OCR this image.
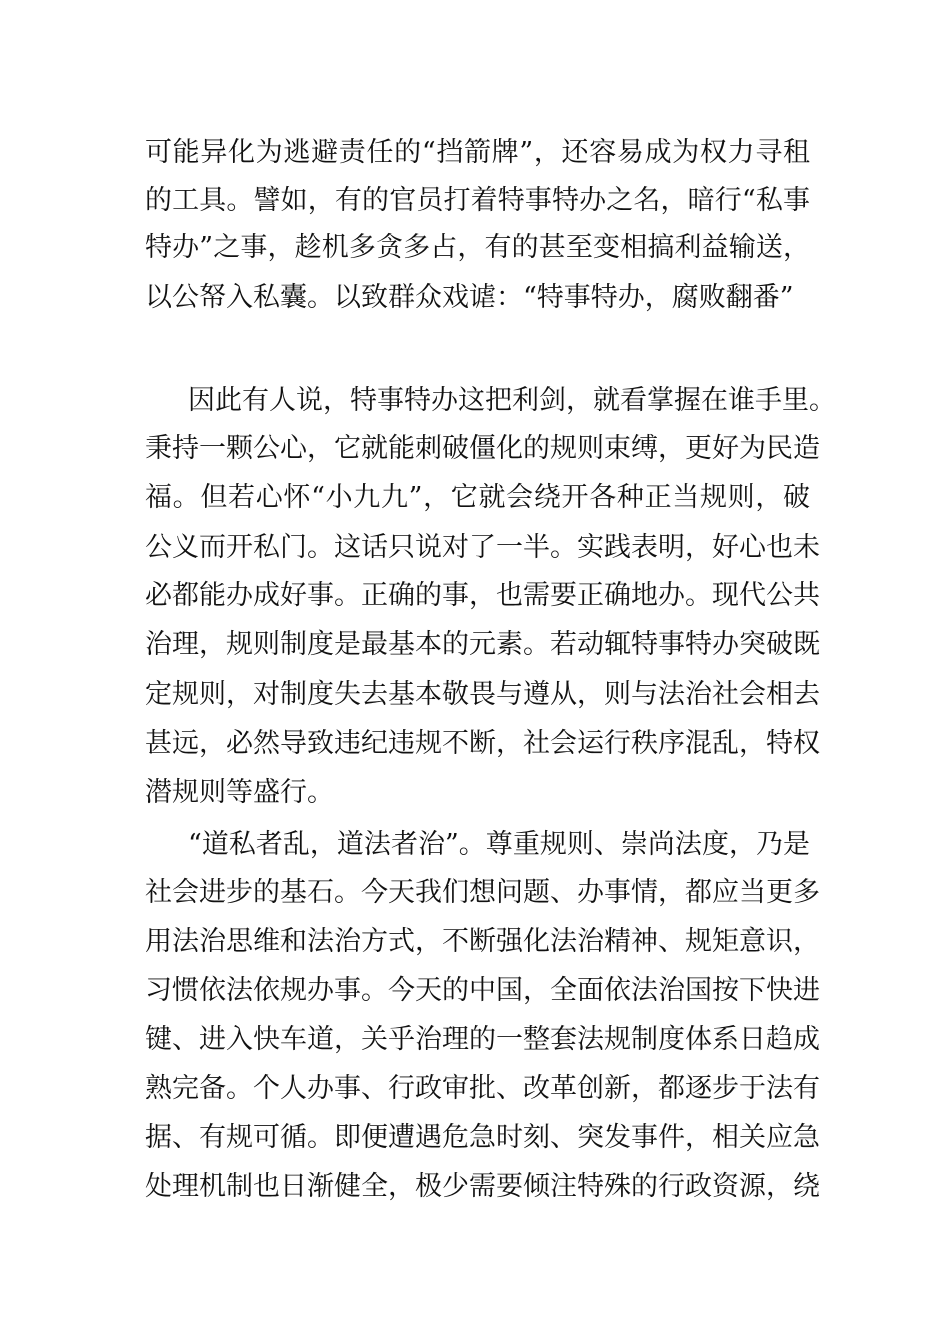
可能异化为逃避责任的“挡箭牌”，还容易成为权力寻租
的工具。譬如，有的官员打着特事特办之名，暗行“私事
特办”之事，趁机多贪多占，有的甚至变相搞利益输送，
以公帑入私囊。以致群众戏谑：“特事特办，腐败翻番”
因此有人说，特事特办这把利剑，就看掌握在谁手里。
秉持一颗公心，它就能刺破僵化的规则束缚，更好为民造
福。但若心怀“小九九”，它就会绕开各种正当规则，破
公义而开私门。这话只说对了一半。实践表明，好心也未
必都能办成好事。正确的事，也需要正确地办。现代公共
治理，规则制度是最基本的元素。若动辄特事特办突破既
定规则，对制度失去基本敬畏与遵从，则与法治社会相去
甚远，必然导致违纪违规不断，社会运行秩序混乱，特权
潜规则等盛行。
“道私者乱，道法者治”。尊重规则、崇尚法度，乃是
社会进步的基石。今天我们想问题、办事情，都应当更多
用法治思维和法治方式，不断强化法治精神、规矩意识，
习惯依法依规办事。今天的中国，全面依法治国按下快进
键、进入快车道，关乎治理的一整套法规制度体系日趋成
熟完备。个人办事、行政审批、改革创新，都逐步于法有
据、有规可循。即便遭遇危急时刻、突发事件，相关应急
处理机制也日渐健全，极少需要倾注特殊的行政资源，绕
